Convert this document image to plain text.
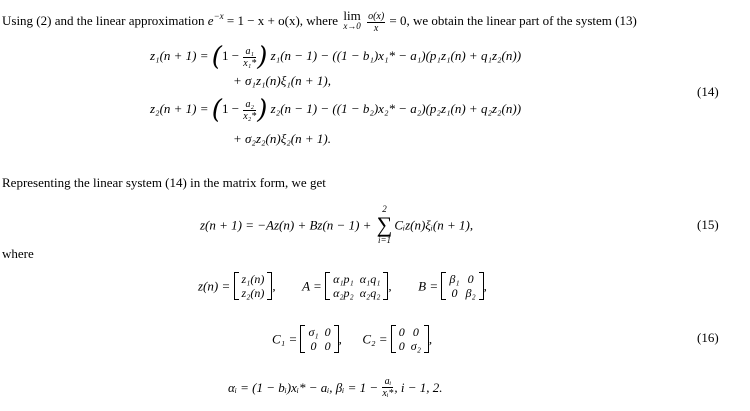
Using (2) and the linear approximation $e^{-x} = 1 - x + o(x)$, where lim
x→0
$\frac{o(x)}{x} = 0$, we obtain the linear part of the system (13)
$z_1(n + 1) = (1 - \frac{\text{a₁}}{\text{x₁*}}$ ) z₁(n − 1) − ((1 − b₁)x₁* − a₁)(p₁z₁(n) + q₁z₂(n))
+ σ₁z₁(n)ξ₁(n + 1),
(14)
$z_2(n + 1) = (1 - \frac{\text{a₂}}{\text{x₂*}}$ ) z₂(n − 1) − ((1 − b₂)x₂* − a₂)(p₂z₁(n) + q₂z₂(n))
+ σ₂z₂(n)ξ₂(n + 1).
Representing the linear system (14) in the matrix form, we get
z(n + 1) = −Az(n) + Bz(n − 1) +
2
∑
i=1
Cᵢz(n)ξᵢ(n + 1),	(15)
where
z(n) = z₁(n)
z₂(n) , A = α₁p₁	α₁q₁
α₂p₂	α₂q₂ , B = β₁	0
0	β₂ ,
C₁ = σ₁	0
0	0 , C₂ = 0	0
0	σ₂ ,	(16)
αᵢ = (1 − bᵢ)xᵢ* − aᵢ, βᵢ = $1 - \frac{\text{aᵢ}}{\text{xᵢ*}}$ , i − 1, 2.
